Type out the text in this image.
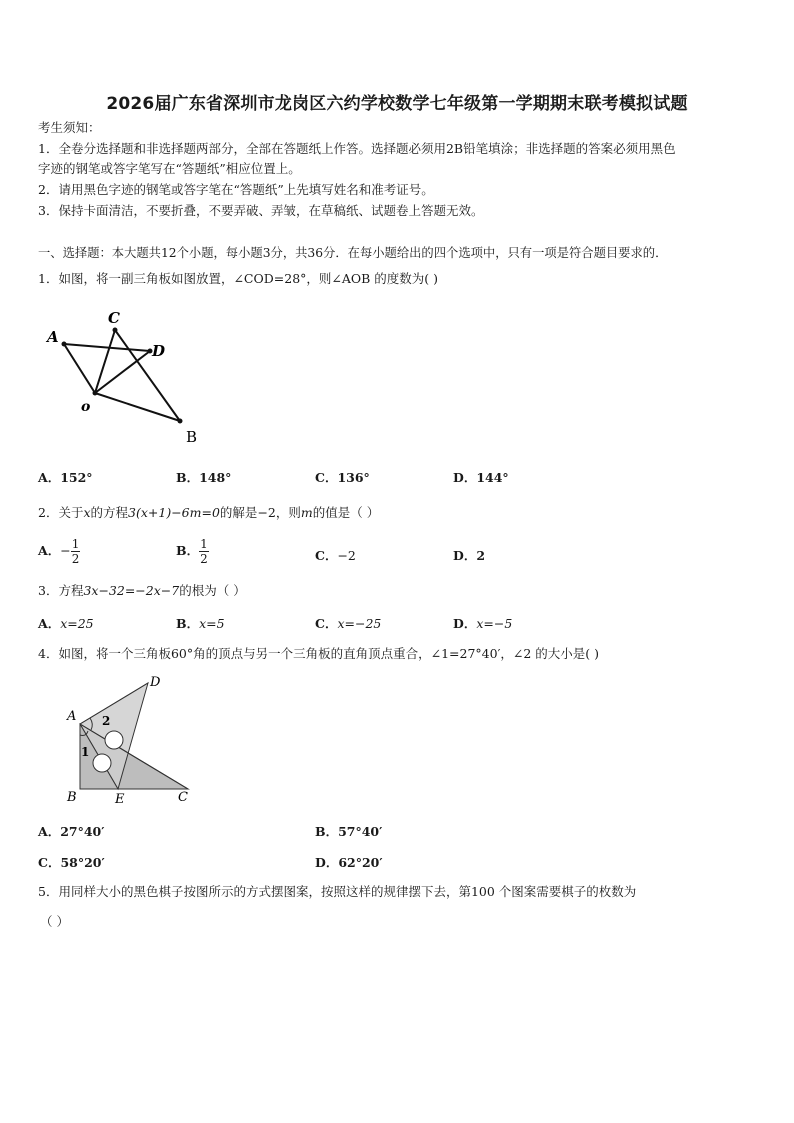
2026届广东省深圳市龙岗区六约学校数学七年级第一学期期末联考模拟试题
考生须知：
1．全卷分选择题和非选择题两部分，全部在答题纸上作答。选择题必须用2B铅笔填涂；非选择题的答案必须用黑色
字迹的钢笔或答字笔写在“答题纸”相应位置上。
2．请用黑色字迹的钢笔或答字笔在“答题纸”上先填写姓名和准考证号。
3．保持卡面清洁，不要折叠，不要弄破、弄皱，在草稿纸、试题卷上答题无效。
一、选择题：本大题共12个小题，每小题3分，共36分．在每小题给出的四个选项中，只有一项是符合题目要求的．
1．如图，将一副三角板如图放置，∠COD=28°，则∠AOB 的度数为( )
A
C
D
o
B
A．152°	B．148°	C．136°	D．144°
2．关于x的方程3(x+1)−6m=0的解是−2，则m的值是（ ）
A．− $\frac{1}{2}$	B． $\frac{1}{2}$	C．−2	D．2
3．方程3x−32=−2x−7的根为（ ）
A．x=25	B．x=5	C．x=−25	D．x=−5
4．如图，将一个三角板60°角的顶点与另一个三角板的直角顶点重合，∠1=27°40′，∠2 的大小是( )
A
D
B	E	C
1
2
A．27°40′	B．57°40′
C．58°20′	D．62°20′
5．用同样大小的黑色棋子按图所示的方式摆图案，按照这样的规律摆下去，第100 个图案需要棋子的枚数为
（ ）
